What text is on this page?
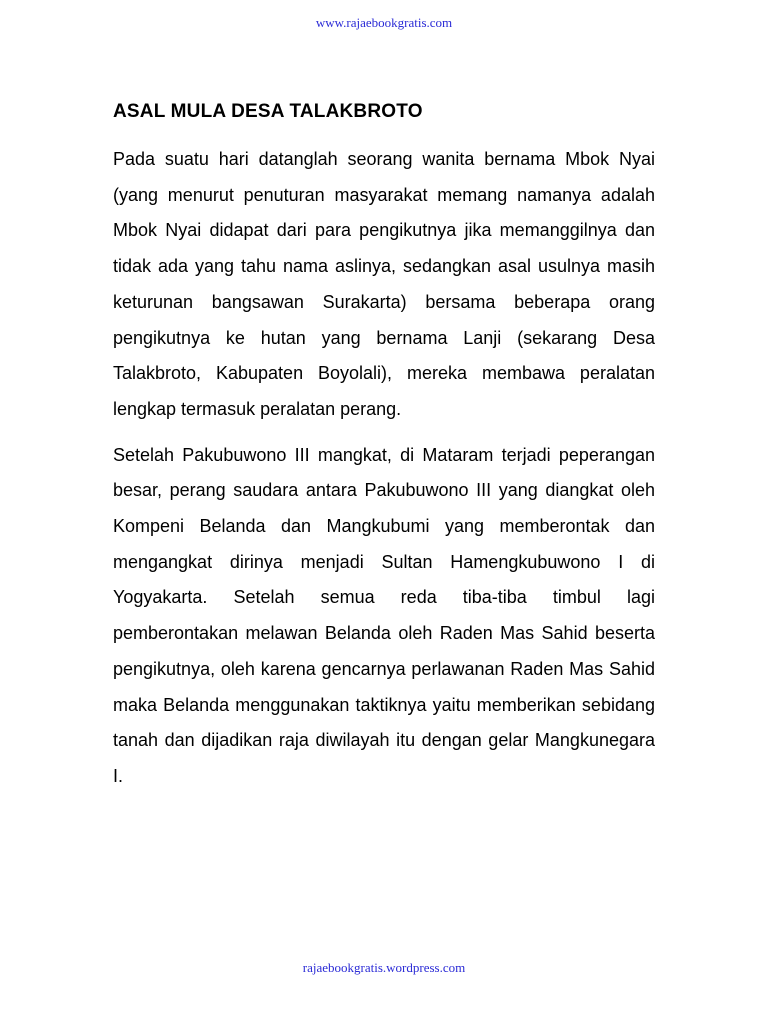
www.rajaebookgratis.com
ASAL MULA DESA TALAKBROTO

Pada suatu hari datanglah seorang wanita bernama Mbok Nyai (yang menurut penuturan masyarakat memang namanya adalah Mbok Nyai didapat dari para pengikutnya jika memanggilnya dan tidak ada yang tahu nama aslinya, sedangkan asal usulnya masih keturunan bangsawan Surakarta) bersama beberapa orang pengikutnya ke hutan yang bernama Lanji (sekarang Desa Talakbroto, Kabupaten Boyolali), mereka membawa peralatan lengkap termasuk peralatan perang.

Setelah Pakubuwono III mangkat, di Mataram terjadi peperangan besar, perang saudara antara Pakubuwono III yang diangkat oleh Kompeni Belanda dan Mangkubumi yang memberontak dan mengangkat dirinya menjadi Sultan Hamengkubuwono I di Yogyakarta. Setelah semua reda tiba-tiba timbul lagi pemberontakan melawan Belanda oleh Raden Mas Sahid beserta pengikutnya, oleh karena gencarnya perlawanan Raden Mas Sahid maka Belanda menggunakan taktiknya yaitu memberikan sebidang tanah dan dijadikan raja diwilayah itu dengan gelar Mangkunegara I.

rajaebookgratis.wordpress.com
